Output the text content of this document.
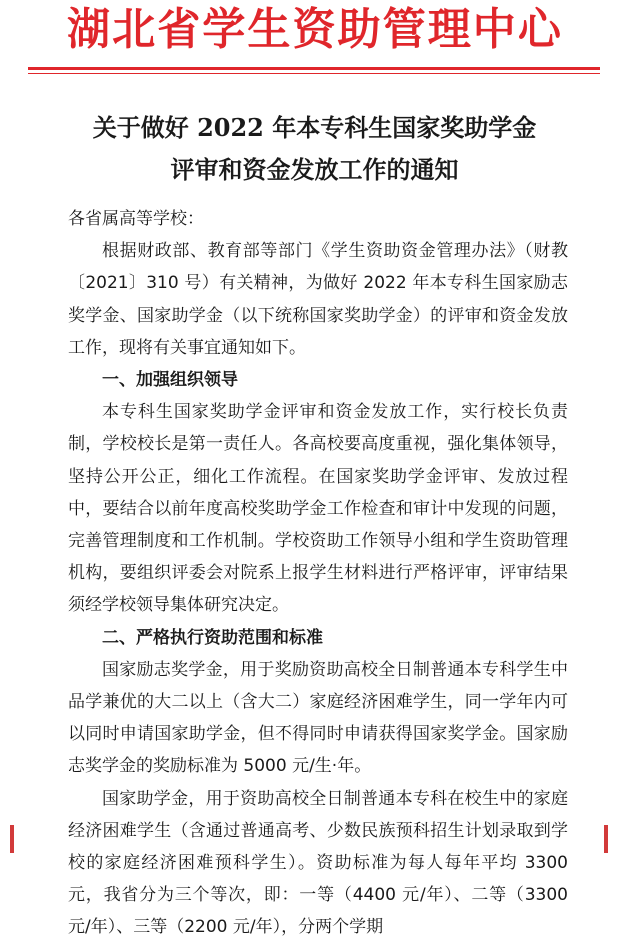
湖北省学生资助管理中心
关于做好 2022 年本专科生国家奖助学金
评审和资金发放工作的通知

各省属高等学校：

根据财政部、教育部等部门《学生资助资金管理办法》（财教〔2021〕310 号）有关精神，为做好 2022 年本专科生国家励志奖学金、国家助学金（以下统称国家奖助学金）的评审和资金发放工作，现将有关事宜通知如下。

一、加强组织领导

本专科生国家奖助学金评审和资金发放工作，实行校长负责制，学校校长是第一责任人。各高校要高度重视，强化集体领导，坚持公开公正，细化工作流程。在国家奖助学金评审、发放过程中，要结合以前年度高校奖助学金工作检查和审计中发现的问题，完善管理制度和工作机制。学校资助工作领导小组和学生资助管理机构，要组织评委会对院系上报学生材料进行严格评审，评审结果须经学校领导集体研究决定。

二、严格执行资助范围和标准

国家励志奖学金，用于奖励资助高校全日制普通本专科学生中品学兼优的大二以上（含大二）家庭经济困难学生，同一学年内可以同时申请国家助学金，但不得同时申请获得国家奖学金。国家励志奖学金的奖励标准为 5000 元/生·年。

国家助学金，用于资助高校全日制普通本专科在校生中的家庭经济困难学生（含通过普通高考、少数民族预科招生计划录取到学校的家庭经济困难预科学生）。资助标准为每人每年平均 3300 元，我省分为三个等次，即：一等（4400 元/年）、二等（3300 元/年）、三等（2200 元/年），分两个学期
